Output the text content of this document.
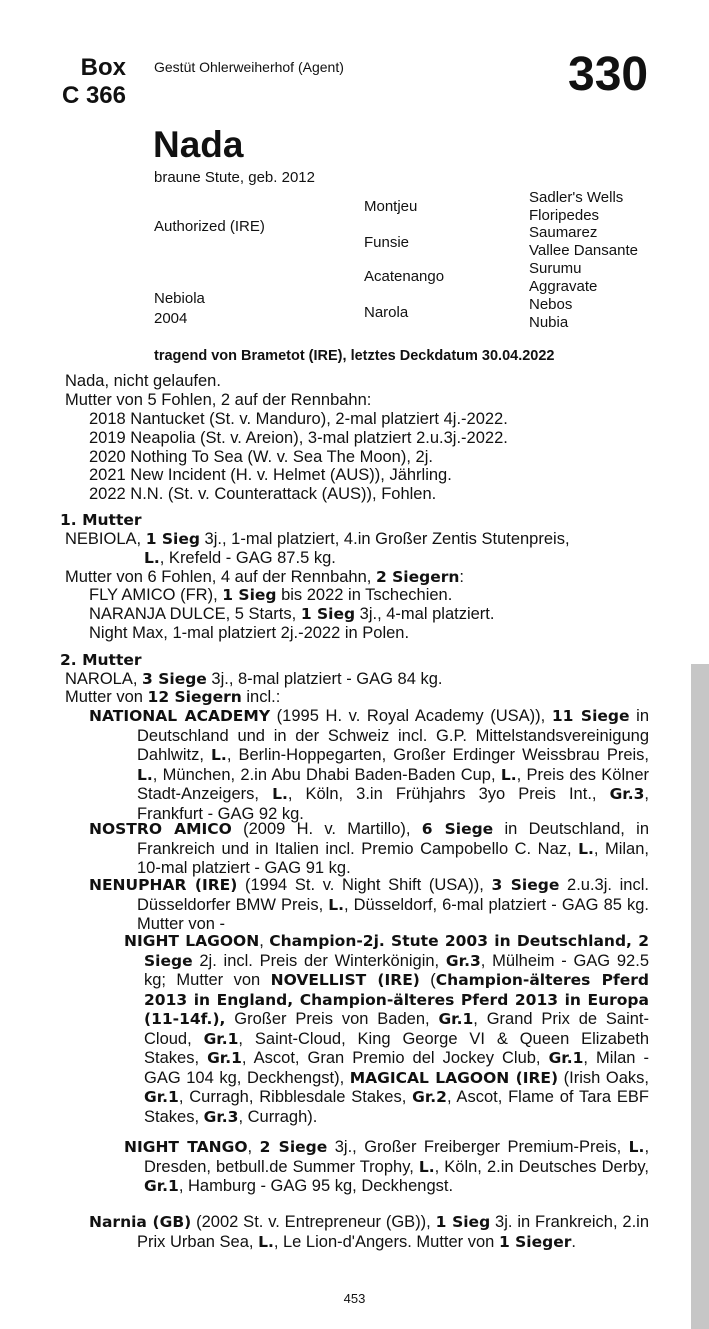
Box
C 366
Gestüt Ohlerweiherhof (Agent)	330
Nada
braune Stute, geb. 2012
Authorized (IRE)
Nebiola
2004
Montjeu
Funsie
Acatenango
Narola
Sadler's Wells
Floripedes
Saumarez
Vallee Dansante
Surumu
Aggravate
Nebos
Nubia
tragend von Brametot (IRE), letztes Deckdatum 30.04.2022
Nada, nicht gelaufen.
Mutter von 5 Fohlen, 2 auf der Rennbahn:
2018 Nantucket (St. v. Manduro), 2-mal platziert 4j.-2022.
2019 Neapolia (St. v. Areion), 3-mal platziert 2.u.3j.-2022.
2020 Nothing To Sea (W. v. Sea The Moon), 2j.
2021 New Incident (H. v. Helmet (AUS)), Jährling.
2022 N.N. (St. v. Counterattack (AUS)), Fohlen.
1. Mutter
NEBIOLA, 1 Sieg 3j., 1-mal platziert, 4.in Großer Zentis Stutenpreis,
L., Krefeld - GAG 87.5 kg.
Mutter von 6 Fohlen, 4 auf der Rennbahn, 2 Siegern:
FLY AMICO (FR), 1 Sieg bis 2022 in Tschechien.
NARANJA DULCE, 5 Starts, 1 Sieg 3j., 4-mal platziert.
Night Max, 1-mal platziert 2j.-2022 in Polen.
2. Mutter
NAROLA, 3 Siege 3j., 8-mal platziert - GAG 84 kg.
Mutter von 12 Siegern incl.:
NATIONAL ACADEMY (1995 H. v. Royal Academy (USA)), 11 Siege in Deutschland und in der Schweiz incl. G.P. Mittelstandsvereinigung Dahlwitz, L., Berlin-Hoppegarten, Großer Erdinger Weissbrau Preis, L., München, 2.in Abu Dhabi Baden-Baden Cup, L., Preis des Kölner Stadt-Anzeigers, L., Köln, 3.in Frühjahrs 3yo Preis Int., Gr.3, Frankfurt - GAG 92 kg.
NOSTRO AMICO (2009 H. v. Martillo), 6 Siege in Deutschland, in Frankreich und in Italien incl. Premio Campobello C. Naz, L., Milan, 10-mal platziert - GAG 91 kg.
NENUPHAR (IRE) (1994 St. v. Night Shift (USA)), 3 Siege 2.u.3j. incl. Düsseldorfer BMW Preis, L., Düsseldorf, 6-mal platziert - GAG 85 kg. Mutter von -
NIGHT LAGOON, Champion-2j. Stute 2003 in Deutschland, 2 Siege 2j. incl. Preis der Winterkönigin, Gr.3, Mülheim - GAG 92.5 kg; Mutter von NOVELLIST (IRE) (Champion-älteres Pferd 2013 in England, Champion-älteres Pferd 2013 in Europa (11-14f.), Großer Preis von Baden, Gr.1, Grand Prix de Saint-Cloud, Gr.1, Saint-Cloud, King George VI & Queen Elizabeth Stakes, Gr.1, Ascot, Gran Premio del Jockey Club, Gr.1, Milan - GAG 104 kg, Deckhengst), MAGICAL LAGOON (IRE) (Irish Oaks, Gr.1, Curragh, Ribblesdale Stakes, Gr.2, Ascot, Flame of Tara EBF Stakes, Gr.3, Curragh).
NIGHT TANGO, 2 Siege 3j., Großer Freiberger Premium-Preis, L., Dresden, betbull.de Summer Trophy, L., Köln, 2.in Deutsches Derby, Gr.1, Hamburg - GAG 95 kg, Deckhengst.
Narnia (GB) (2002 St. v. Entrepreneur (GB)), 1 Sieg 3j. in Frankreich, 2.in Prix Urban Sea, L., Le Lion-d'Angers. Mutter von 1 Sieger.
453
